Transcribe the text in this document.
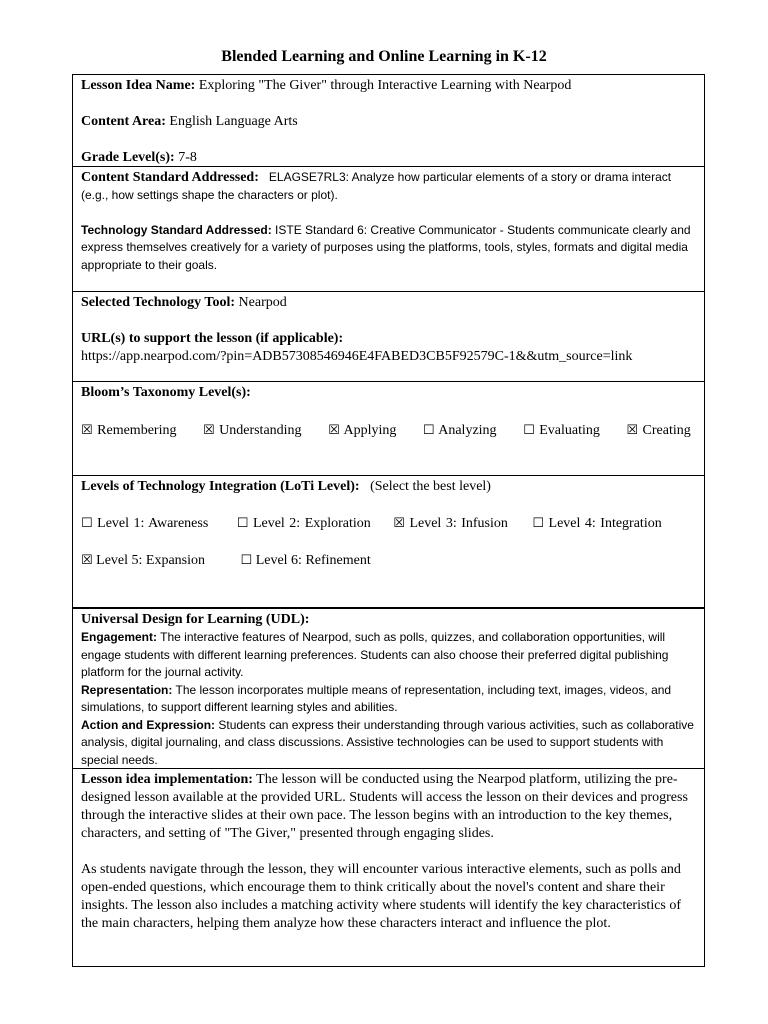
Blended Learning and Online Learning in K-12

Lesson Idea Name: Exploring "The Giver" through Interactive Learning with Nearpod

Content Area: English Language Arts

Grade Level(s): 7-8

Content Standard Addressed: ELAGSE7RL3: Analyze how particular elements of a story or drama interact (e.g., how settings shape the characters or plot).

Technology Standard Addressed: ISTE Standard 6: Creative Communicator - Students communicate clearly and express themselves creatively for a variety of purposes using the platforms, tools, styles, formats and digital media appropriate to their goals.

Selected Technology Tool: Nearpod

URL(s) to support the lesson (if applicable):

https://app.nearpod.com/?pin=ADB57308546946E4FABED3CB5F92579C-1&&utm_source=link

Bloom’s Taxonomy Level(s):

☒ Remembering ☒ Understanding ☒ Applying ☐ Analyzing ☐ Evaluating ☒ Creating

Levels of Technology Integration (LoTi Level): (Select the best level)

☐ Level 1: Awareness ☐ Level 2: Exploration ☒ Level 3: Infusion ☐ Level 4: Integration

☒ Level 5: Expansion	☐ Level 6: Refinement

Universal Design for Learning (UDL):

Engagement: The interactive features of Nearpod, such as polls, quizzes, and collaboration opportunities, will engage students with different learning preferences. Students can also choose their preferred digital publishing platform for the journal activity.

Representation: The lesson incorporates multiple means of representation, including text, images, videos, and simulations, to support different learning styles and abilities.

Action and Expression: Students can express their understanding through various activities, such as collaborative analysis, digital journaling, and class discussions. Assistive technologies can be used to support students with special needs.

Lesson idea implementation: The lesson will be conducted using the Nearpod platform, utilizing the pre-designed lesson available at the provided URL. Students will access the lesson on their devices and progress through the interactive slides at their own pace. The lesson begins with an introduction to the key themes, characters, and setting of "The Giver," presented through engaging slides.

As students navigate through the lesson, they will encounter various interactive elements, such as polls and open-ended questions, which encourage them to think critically about the novel's content and share their insights. The lesson also includes a matching activity where students will identify the key characteristics of the main characters, helping them analyze how these characters interact and influence the plot.
